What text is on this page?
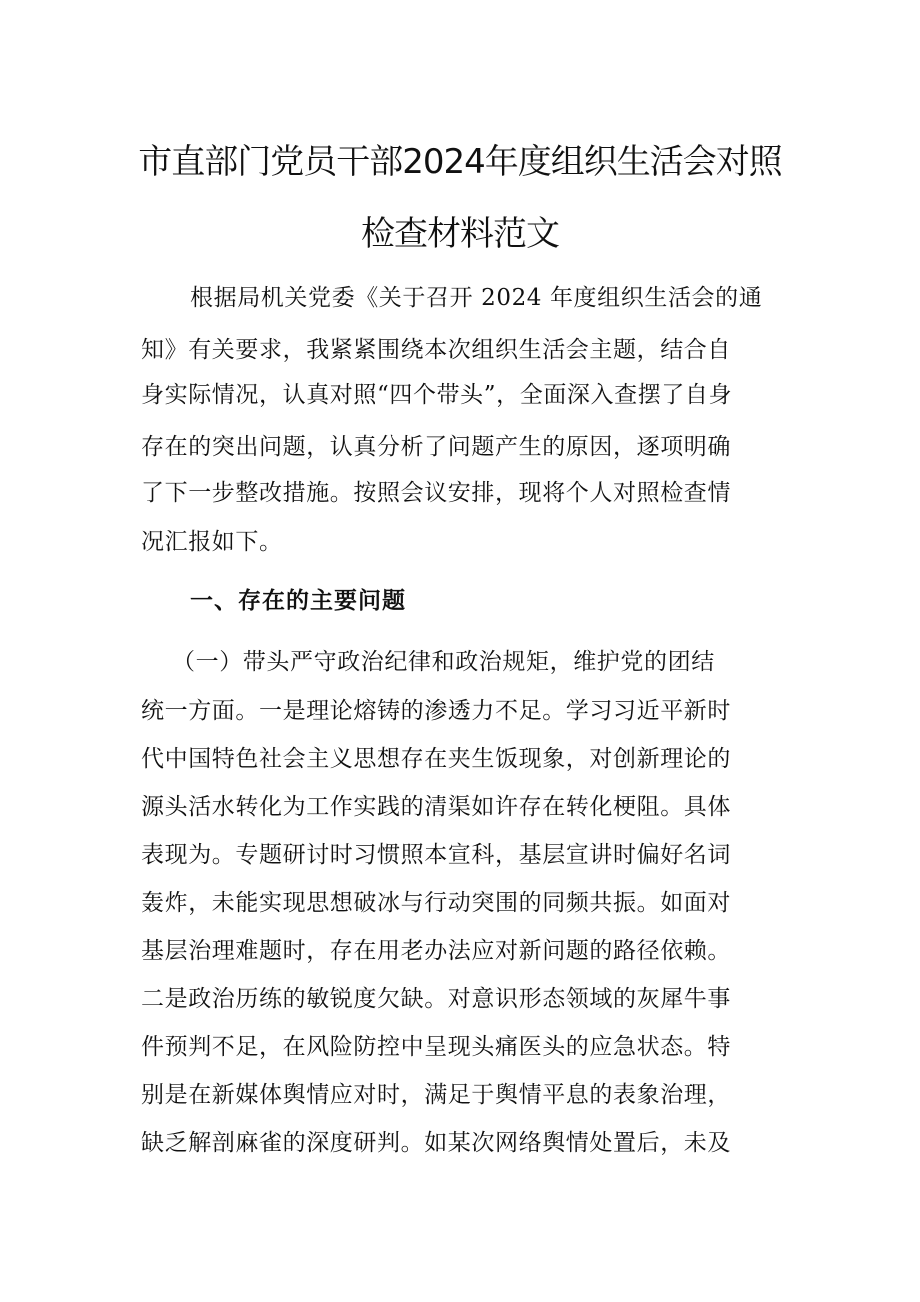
市直部门党员干部2024年度组织生活会对照
检查材料范文
根据局机关党委《关于召开 2024 年度组织生活会的通
知》有关要求，我紧紧围绕本次组织生活会主题，结合自
身实际情况，认真对照“四个带头”，全面深入查摆了自身
存在的突出问题，认真分析了问题产生的原因，逐项明确
了下一步整改措施。按照会议安排，现将个人对照检查情
况汇报如下。
一、存在的主要问题
（一）带头严守政治纪律和政治规矩，维护党的团结
统一方面。一是理论熔铸的渗透力不足。学习习近平新时
代中国特色社会主义思想存在夹生饭现象，对创新理论的
源头活水转化为工作实践的清渠如许存在转化梗阻。具体
表现为。专题研讨时习惯照本宣科，基层宣讲时偏好名词
轰炸，未能实现思想破冰与行动突围的同频共振。如面对
基层治理难题时，存在用老办法应对新问题的路径依赖。
二是政治历练的敏锐度欠缺。对意识形态领域的灰犀牛事
件预判不足，在风险防控中呈现头痛医头的应急状态。特
别是在新媒体舆情应对时，满足于舆情平息的表象治理，
缺乏解剖麻雀的深度研判。如某次网络舆情处置后，未及
